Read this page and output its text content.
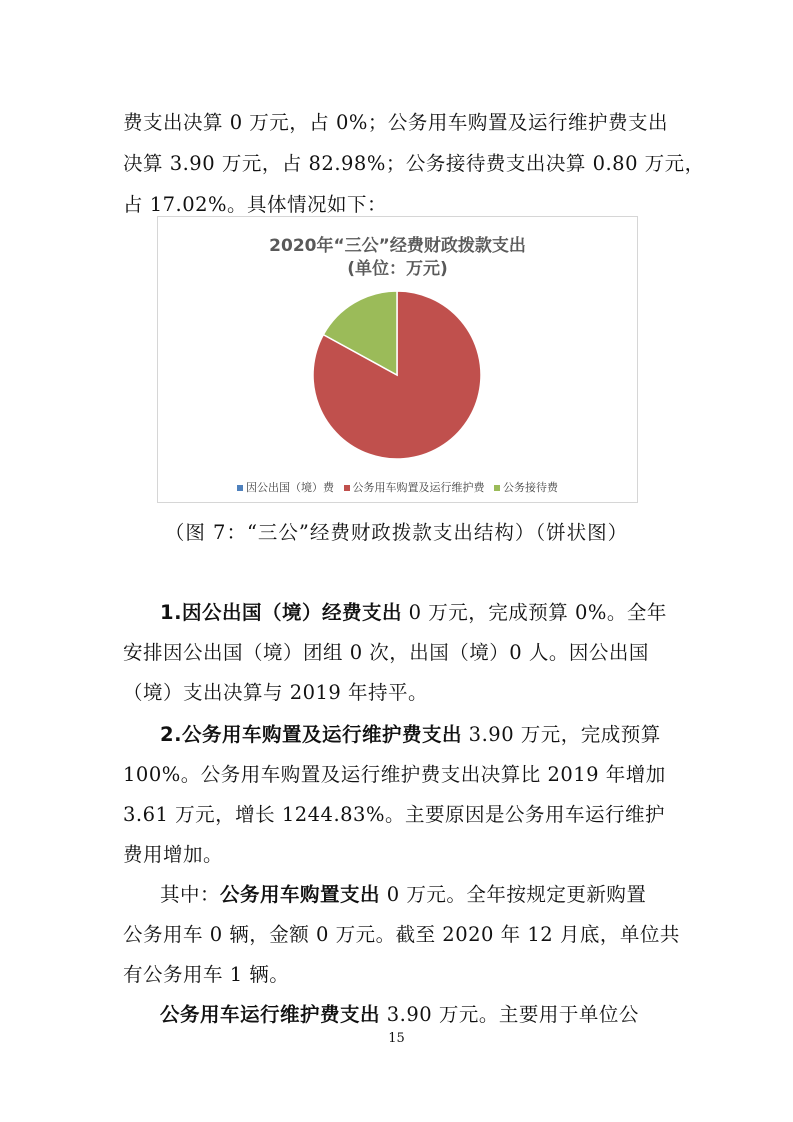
费支出决算 0 万元，占 0%；公务用车购置及运行维护费支出
决算 3.90 万元，占 82.98%；公务接待费支出决算 0.80 万元，
占 17.02%。具体情况如下：
2020年“三公”经费财政拨款支出
(单位：万元)
因公出国（境）费 公务用车购置及运行维护费 公务接待费
（图 7：“三公”经费财政拨款支出结构）（饼状图）
1.因公出国（境）经费支出 0 万元，完成预算 0%。全年
安排因公出国（境）团组 0 次，出国（境）0 人。因公出国
（境）支出决算与 2019 年持平。
2.公务用车购置及运行维护费支出 3.90 万元，完成预算
100%。公务用车购置及运行维护费支出决算比 2019 年增加
3.61 万元，增长 1244.83%。主要原因是公务用车运行维护
费用增加。
其中：公务用车购置支出 0 万元。全年按规定更新购置
公务用车 0 辆，金额 0 万元。截至 2020 年 12 月底，单位共
有公务用车 1 辆。
公务用车运行维护费支出 3.90 万元。主要用于单位公
15
